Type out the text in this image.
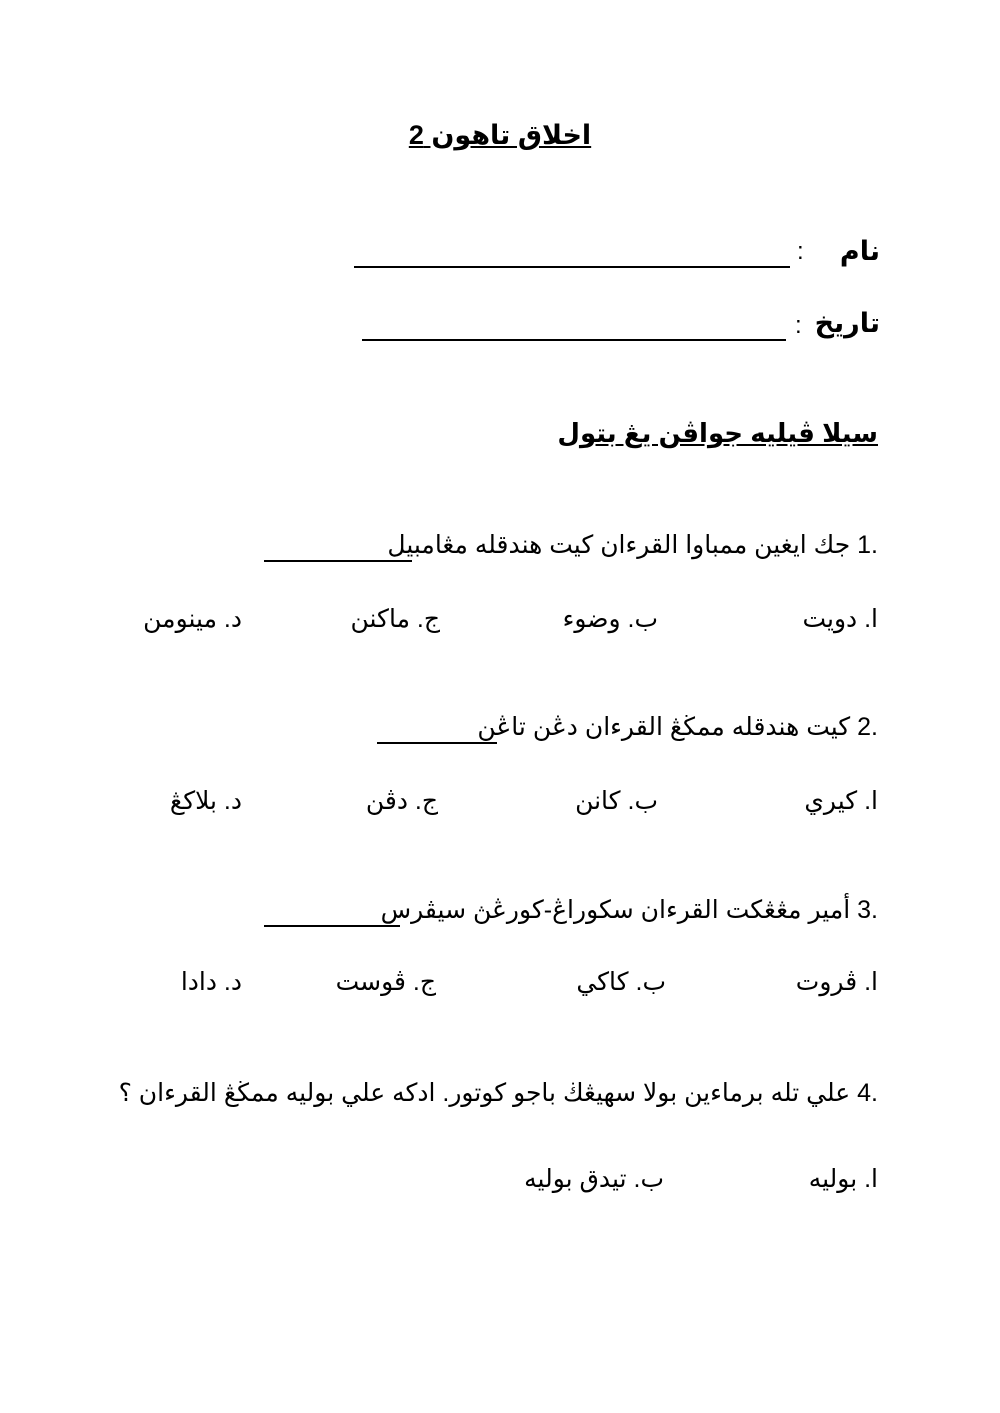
اخلاق تاهون 2
نام
:
تاريخ
:
سيلا ڤيليه جواڤن يڠ بتول
1. جك ايغين ممباوا القرءان كيت هندقله مڠامبيل
ا. دويت
ب. وضوء
ج. ماكنن
د. مينومن
2. كيت هندقله ممڬڠ القرءان دڠن تاڠن
ا. كيري
ب. كانن
ج. دڤن
د. بلاكڠ
3. أمير مڠڠكت القرءان سكوراڠ-كورڠڽ سيڤرس
ا. ڤروت
ب. كاكي
ج. ڤوست
د. دادا
4. علي تله برماءين بولا سهيڠڬ باجو كوتور. ادكه علي بوليه ممڬڠ القرءان ؟
ا. بوليه
ب. تيدق بوليه
